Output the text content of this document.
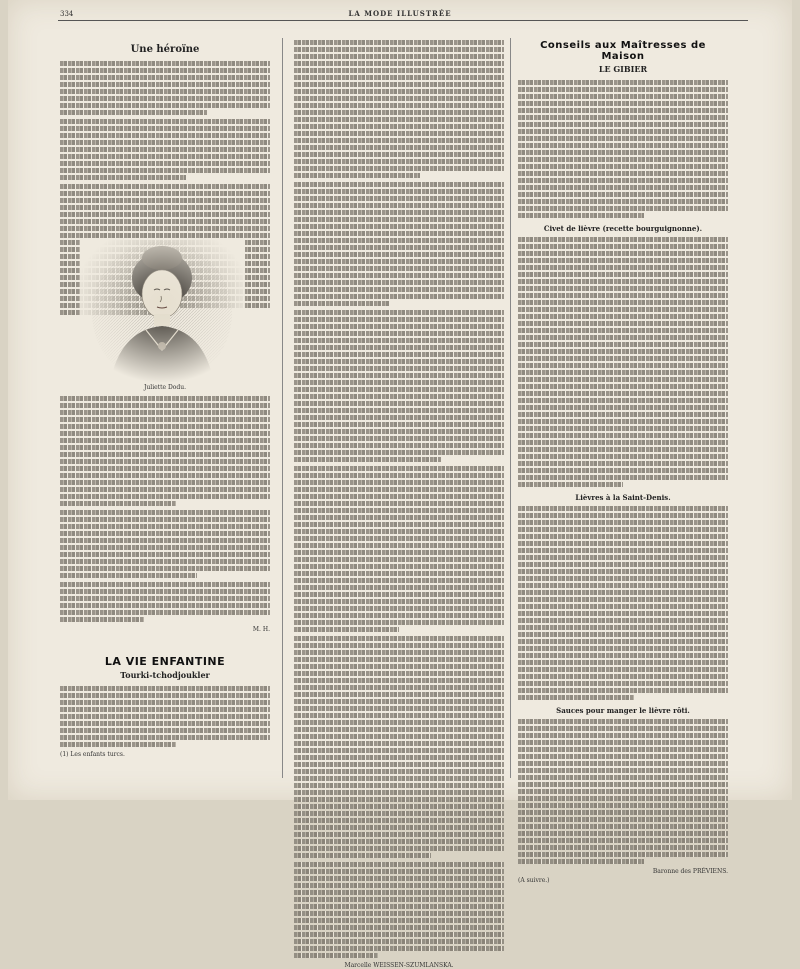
334	LA MODE ILLUSTRÉE
Une héroïne
Juliette Dodu.
M. H.
LA VIE ENFANTINE
Tourki-tchodjoukler
(1) Les enfants turcs.
Marcelle WEISSEN-SZUMLANSKA.
Conseils aux Maîtresses de Maison
LE GIBIER
Civet de lièvre (recette bourguignonne).
Lièvres à la Saint-Denis.
Sauces pour manger le lièvre rôti.
Baronne des PRÉVIENS.
(A suivre.)
